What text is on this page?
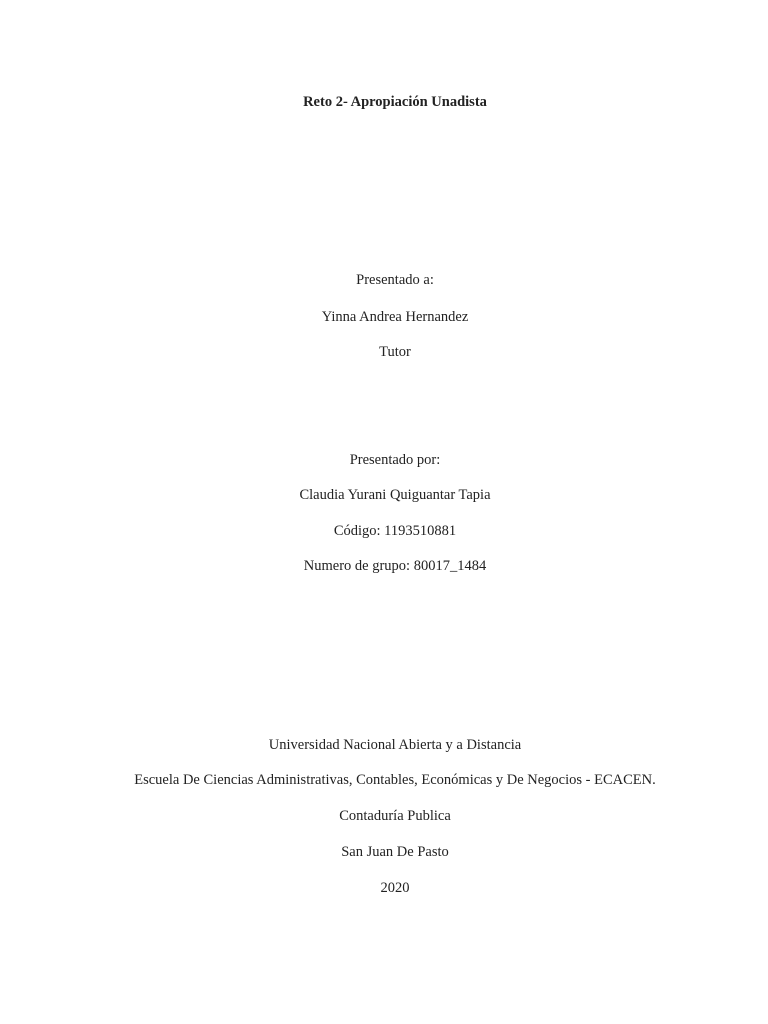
Reto 2- Apropiación Unadista
Presentado a:
Yinna Andrea Hernandez
Tutor
Presentado por:
Claudia Yurani Quiguantar Tapia
Código: 1193510881
Numero de grupo: 80017_1484
Universidad Nacional Abierta y a Distancia
Escuela De Ciencias Administrativas, Contables, Económicas y De Negocios - ECACEN.
Contaduría Publica
San Juan De Pasto
2020
